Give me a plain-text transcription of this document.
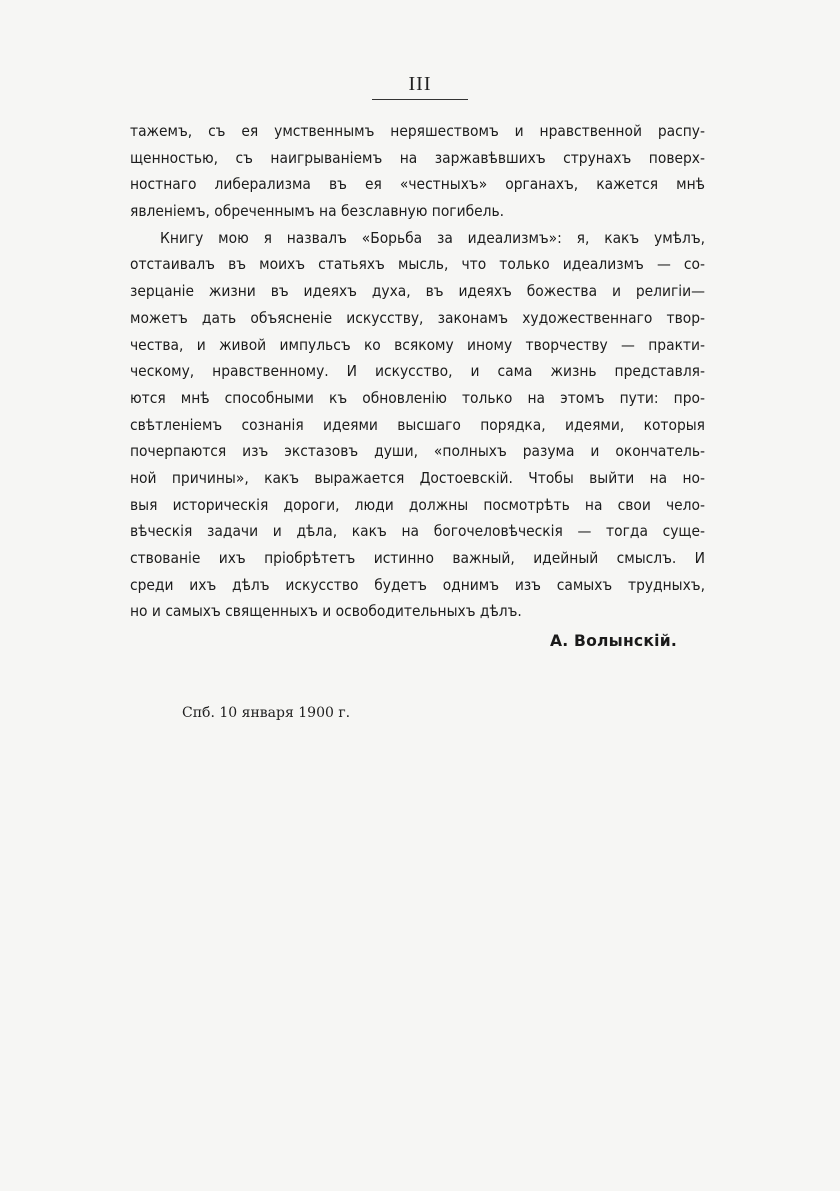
III
тажемъ, съ ея умственнымъ неряшествомъ и нравственной распу-
щенностью, съ наигрываніемъ на заржавѣвшихъ струнахъ поверх-
ностнаго либерализма въ ея «честныхъ» органахъ, кажется мнѣ
явленіемъ, обреченнымъ на безславную погибель.
Книгу мою я назвалъ «Борьба за идеализмъ»: я, какъ умѣлъ,
отстаивалъ въ моихъ статьяхъ мысль, что только идеализмъ — со-
зерцаніе жизни въ идеяхъ духа, въ идеяхъ божества и религіи—
можетъ дать объясненіе искусству, законамъ художественнаго твор-
чества, и живой импульсъ ко всякому иному творчеству — практи-
ческому, нравственному. И искусство, и сама жизнь представля-
ются мнѣ способными къ обновленію только на этомъ пути: про-
свѣтленіемъ сознанія идеями высшаго порядка, идеями, которыя
почерпаются изъ экстазовъ души, «полныхъ разума и окончатель-
ной причины», какъ выражается Достоевскій. Чтобы выйти на но-
выя историческія дороги, люди должны посмотрѣть на свои чело-
вѣческія задачи и дѣла, какъ на богочеловѣческія — тогда суще-
ствованіе ихъ пріобрѣтетъ истинно важный, идейный смыслъ. И
среди ихъ дѣлъ искусство будетъ однимъ изъ самыхъ трудныхъ,
но и самыхъ священныхъ и освободительныхъ дѣлъ.
А. Волынскій.
Спб. 10 января 1900 г.
